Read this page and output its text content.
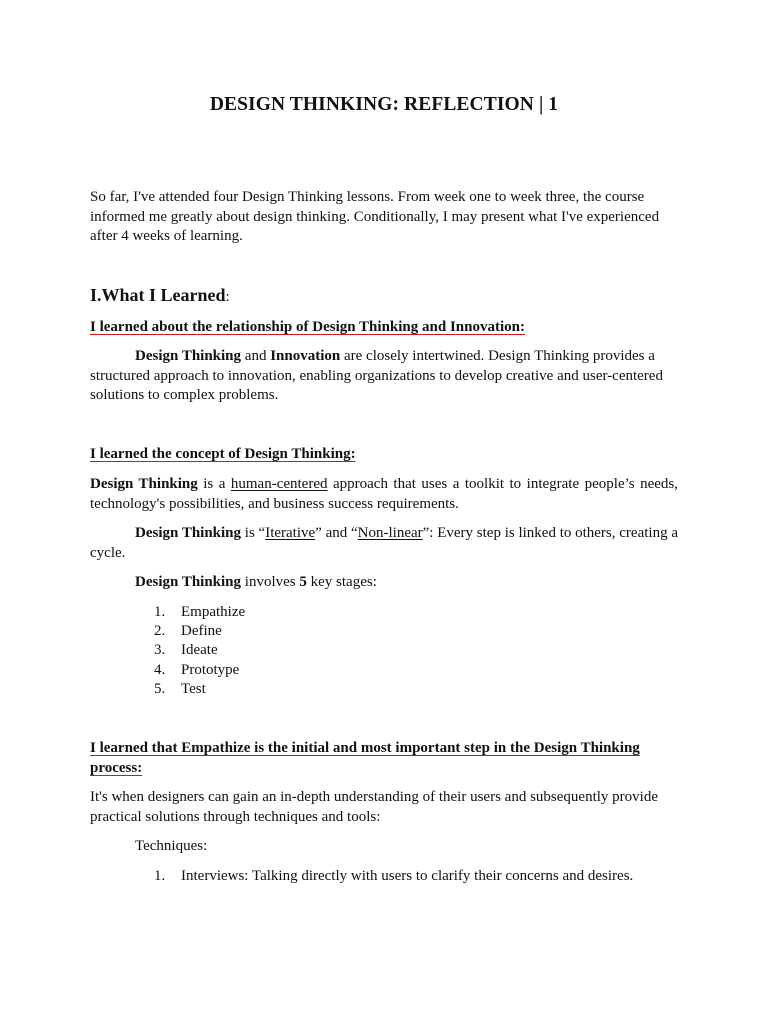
DESIGN THINKING: REFLECTION | 1
So far, I've attended four Design Thinking lessons. From week one to week three, the course informed me greatly about design thinking. Conditionally, I may present what I've experienced after 4 weeks of learning.
I.What I Learned:
I learned about the relationship of Design Thinking and Innovation:
Design Thinking and Innovation are closely intertwined. Design Thinking provides a structured approach to innovation, enabling organizations to develop creative and user-centered solutions to complex problems.
I learned the concept of Design Thinking:
Design Thinking is a human-centered approach that uses a toolkit to integrate people’s needs, technology's possibilities, and business success requirements.
Design Thinking is “Iterative” and “Non-linear”: Every step is linked to others, creating a cycle.
Design Thinking involves 5 key stages:
1.	Empathize
2.	Define
3.	Ideate
4.	Prototype
5.	Test
I learned that Empathize is the initial and most important step in the Design Thinking process:
It's when designers can gain an in-depth understanding of their users and subsequently provide practical solutions through techniques and tools:
Techniques:
1.	Interviews: Talking directly with users to clarify their concerns and desires.
